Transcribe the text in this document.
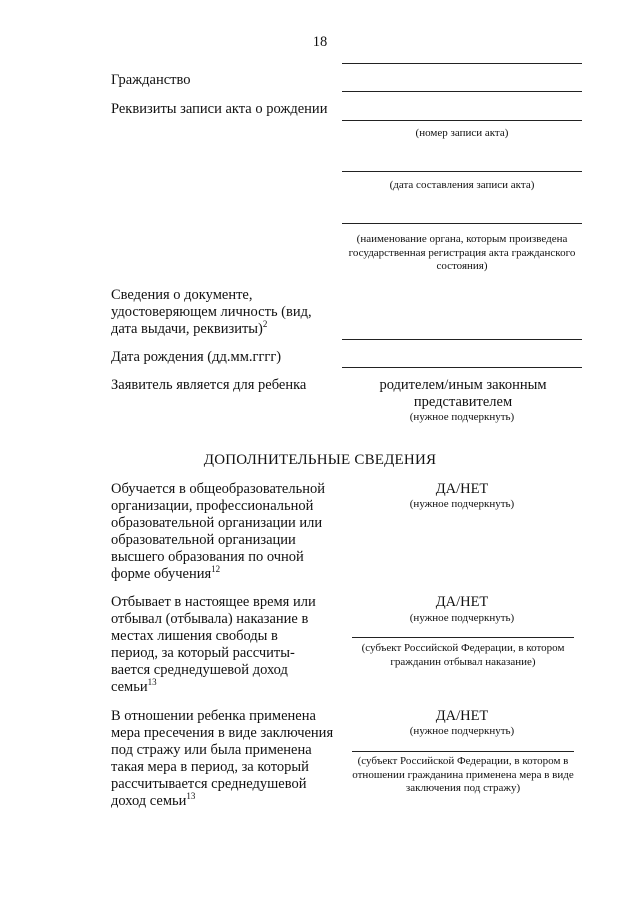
18
Гражданство
Реквизиты записи акта о рождении
(номер записи акта)
(дата составления записи акта)
(наименование органа, которым произведена государственная регистрация акта гражданского состояния)
Сведения о документе, удостоверяющем личность (вид, дата выдачи, реквизиты)$^2$
Дата рождения (дд.мм.гггг)
Заявитель является для ребенка	родителем/иным законным представителем
(нужное подчеркнуть)
ДОПОЛНИТЕЛЬНЫЕ СВЕДЕНИЯ
Обучается в общеобразовательной организации, профессиональной образовательной организации или образовательной организации высшего образования по очной форме обучения$^{12}$
ДА/НЕТ
(нужное подчеркнуть)
Отбывает в настоящее время или отбывал (отбывала) наказание в местах лишения свободы в период, за который рассчиты-вается среднедушевой доход семьи$^{13}$
ДА/НЕТ
(нужное подчеркнуть)
(субъект Российской Федерации, в котором гражданин отбывал наказание)
В отношении ребенка применена мера пресечения в виде заключения под стражу или была применена такая мера в период, за который рассчитывается среднедушевой доход семьи$^{13}$
ДА/НЕТ
(нужное подчеркнуть)
(субъект Российской Федерации, в котором в отношении гражданина применена мера в виде заключения под стражу)
